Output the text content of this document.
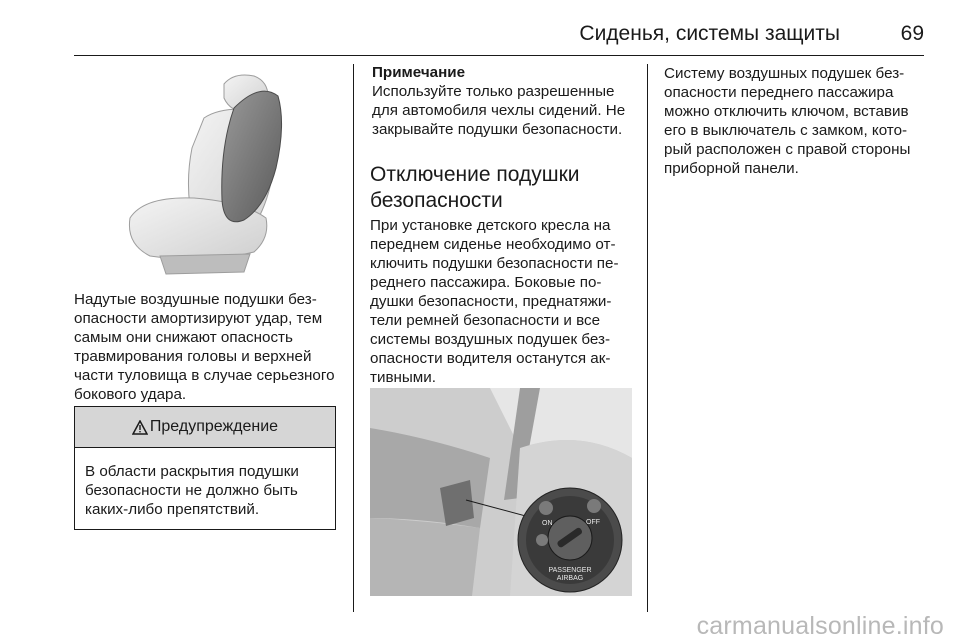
Сиденья, системы защиты	69

Надутые воздушные подушки безопасности амортизируют удар, тем самым они снижают опасность травмирования головы и верхней части туловища в случае серьезного бокового удара.

Предупреждение
В области раскрытия подушки безопасности не должно быть каких-либо препятствий.
Примечание

Используйте только разрешенные для автомобиля чехлы сидений. Не закрывайте подушки безопасности.

Отключение подушки безопасности

При установке детского кресла на переднем сиденье необходимо отключить подушки безопасности переднего пассажира. Боковые подушки безопасности, преднатяжители ремней безопасности и все системы воздушных подушек безопасности водителя останутся активными.

ON	OFF
PASSENGER
AIRBAG

Систему воздушных подушек безопасности переднего пассажира можно отключить ключом, вставив его в выключатель с замком, который расположен с правой стороны приборной панели.

carmanualsonline.info
